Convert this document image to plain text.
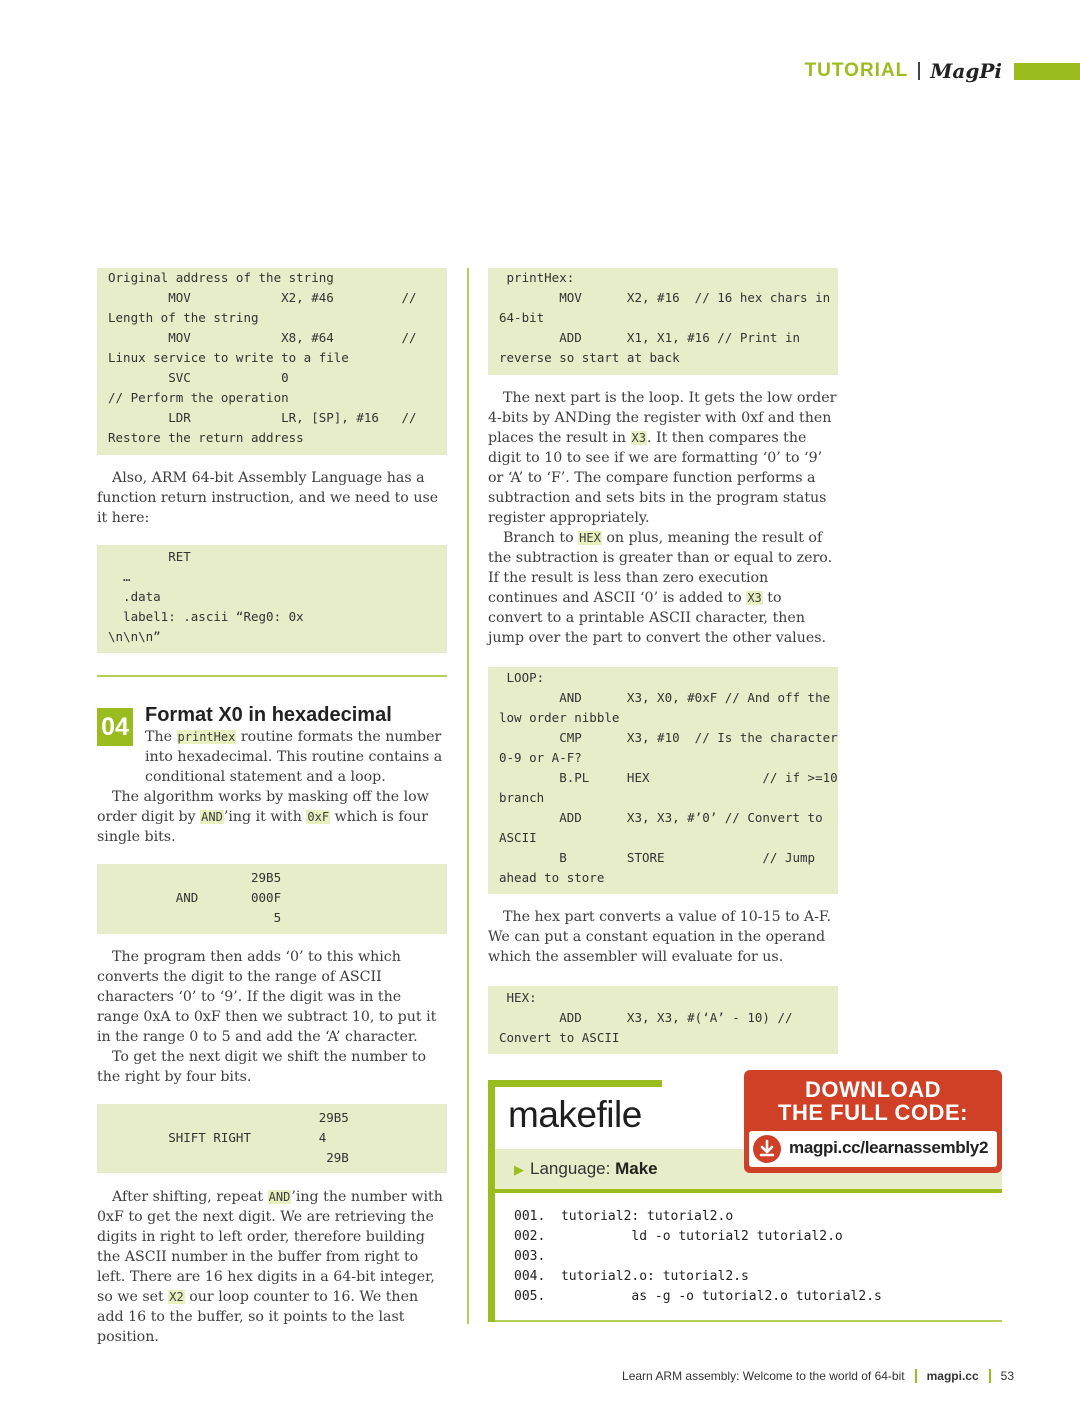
TUTORIAL MagPi
Original address of the string
MOV            X2, #46         //
Length of the string
MOV            X8, #64         //
Linux service to write to a file
SVC            0
// Perform the operation
LDR            LR, [SP], #16   //
Restore the return address

Also, ARM 64-bit Assembly Language has a function return instruction, and we need to use it here:

RET
…
.data
label1: .ascii “Reg0: 0x
\n\n\n”
04 Format X0 in hexadecimal

The printHex routine formats the number into hexadecimal. This routine contains a conditional statement and a loop.

The algorithm works by masking off the low order digit by AND’ing it with 0xF which is four single bits.

29B5
AND       000F
5

The program then adds ‘0’ to this which converts the digit to the range of ASCII characters ‘0’ to ‘9’. If the digit was in the range 0xA to 0xF then we subtract 10, to put it in the range 0 to 5 and add the ‘A’ character.

To get the next digit we shift the number to the right by four bits.

29B5
SHIFT RIGHT         4
29B

After shifting, repeat AND’ing the number with 0xF to get the next digit. We are retrieving the digits in right to left order, therefore building the ASCII number in the buffer from right to left. There are 16 hex digits in a 64-bit integer, so we set X2 our loop counter to 16. We then add 16 to the buffer, so it points to the last position.

printHex:
MOV      X2, #16  // 16 hex chars in
64-bit
ADD      X1, X1, #16 // Print in
reverse so start at back

The next part is the loop. It gets the low order 4-bits by ANDing the register with 0xf and then places the result in X3. It then compares the digit to 10 to see if we are formatting ‘0’ to ‘9’ or ‘A’ to ‘F’. The compare function performs a subtraction and sets bits in the program status register appropriately.

Branch to HEX on plus, meaning the result of the subtraction is greater than or equal to zero. If the result is less than zero execution continues and ASCII ‘0’ is added to X3 to convert to a printable ASCII character, then jump over the part to convert the other values.

LOOP:
AND      X3, X0, #0xF // And off the
low order nibble
CMP      X3, #10  // Is the character
0-9 or A-F?
B.PL     HEX               // if >=10
branch
ADD      X3, X3, #’0’ // Convert to
ASCII
B        STORE             // Jump
ahead to store

The hex part converts a value of 10-15 to A-F. We can put a constant equation in the operand which the assembler will evaluate for us.

HEX:
ADD      X3, X3, #(‘A’ - 10) //
Convert to ASCII
makefile
▶ Language: Make
001.  tutorial2: tutorial2.o
002.           ld -o tutorial2 tutorial2.o
003.
004.  tutorial2.o: tutorial2.s
005.           as -g -o tutorial2.o tutorial2.s
DOWNLOAD
THE FULL CODE:
magpi.cc/learnassembly2
Learn ARM assembly: Welcome to the world of 64-bit magpi.cc 53
